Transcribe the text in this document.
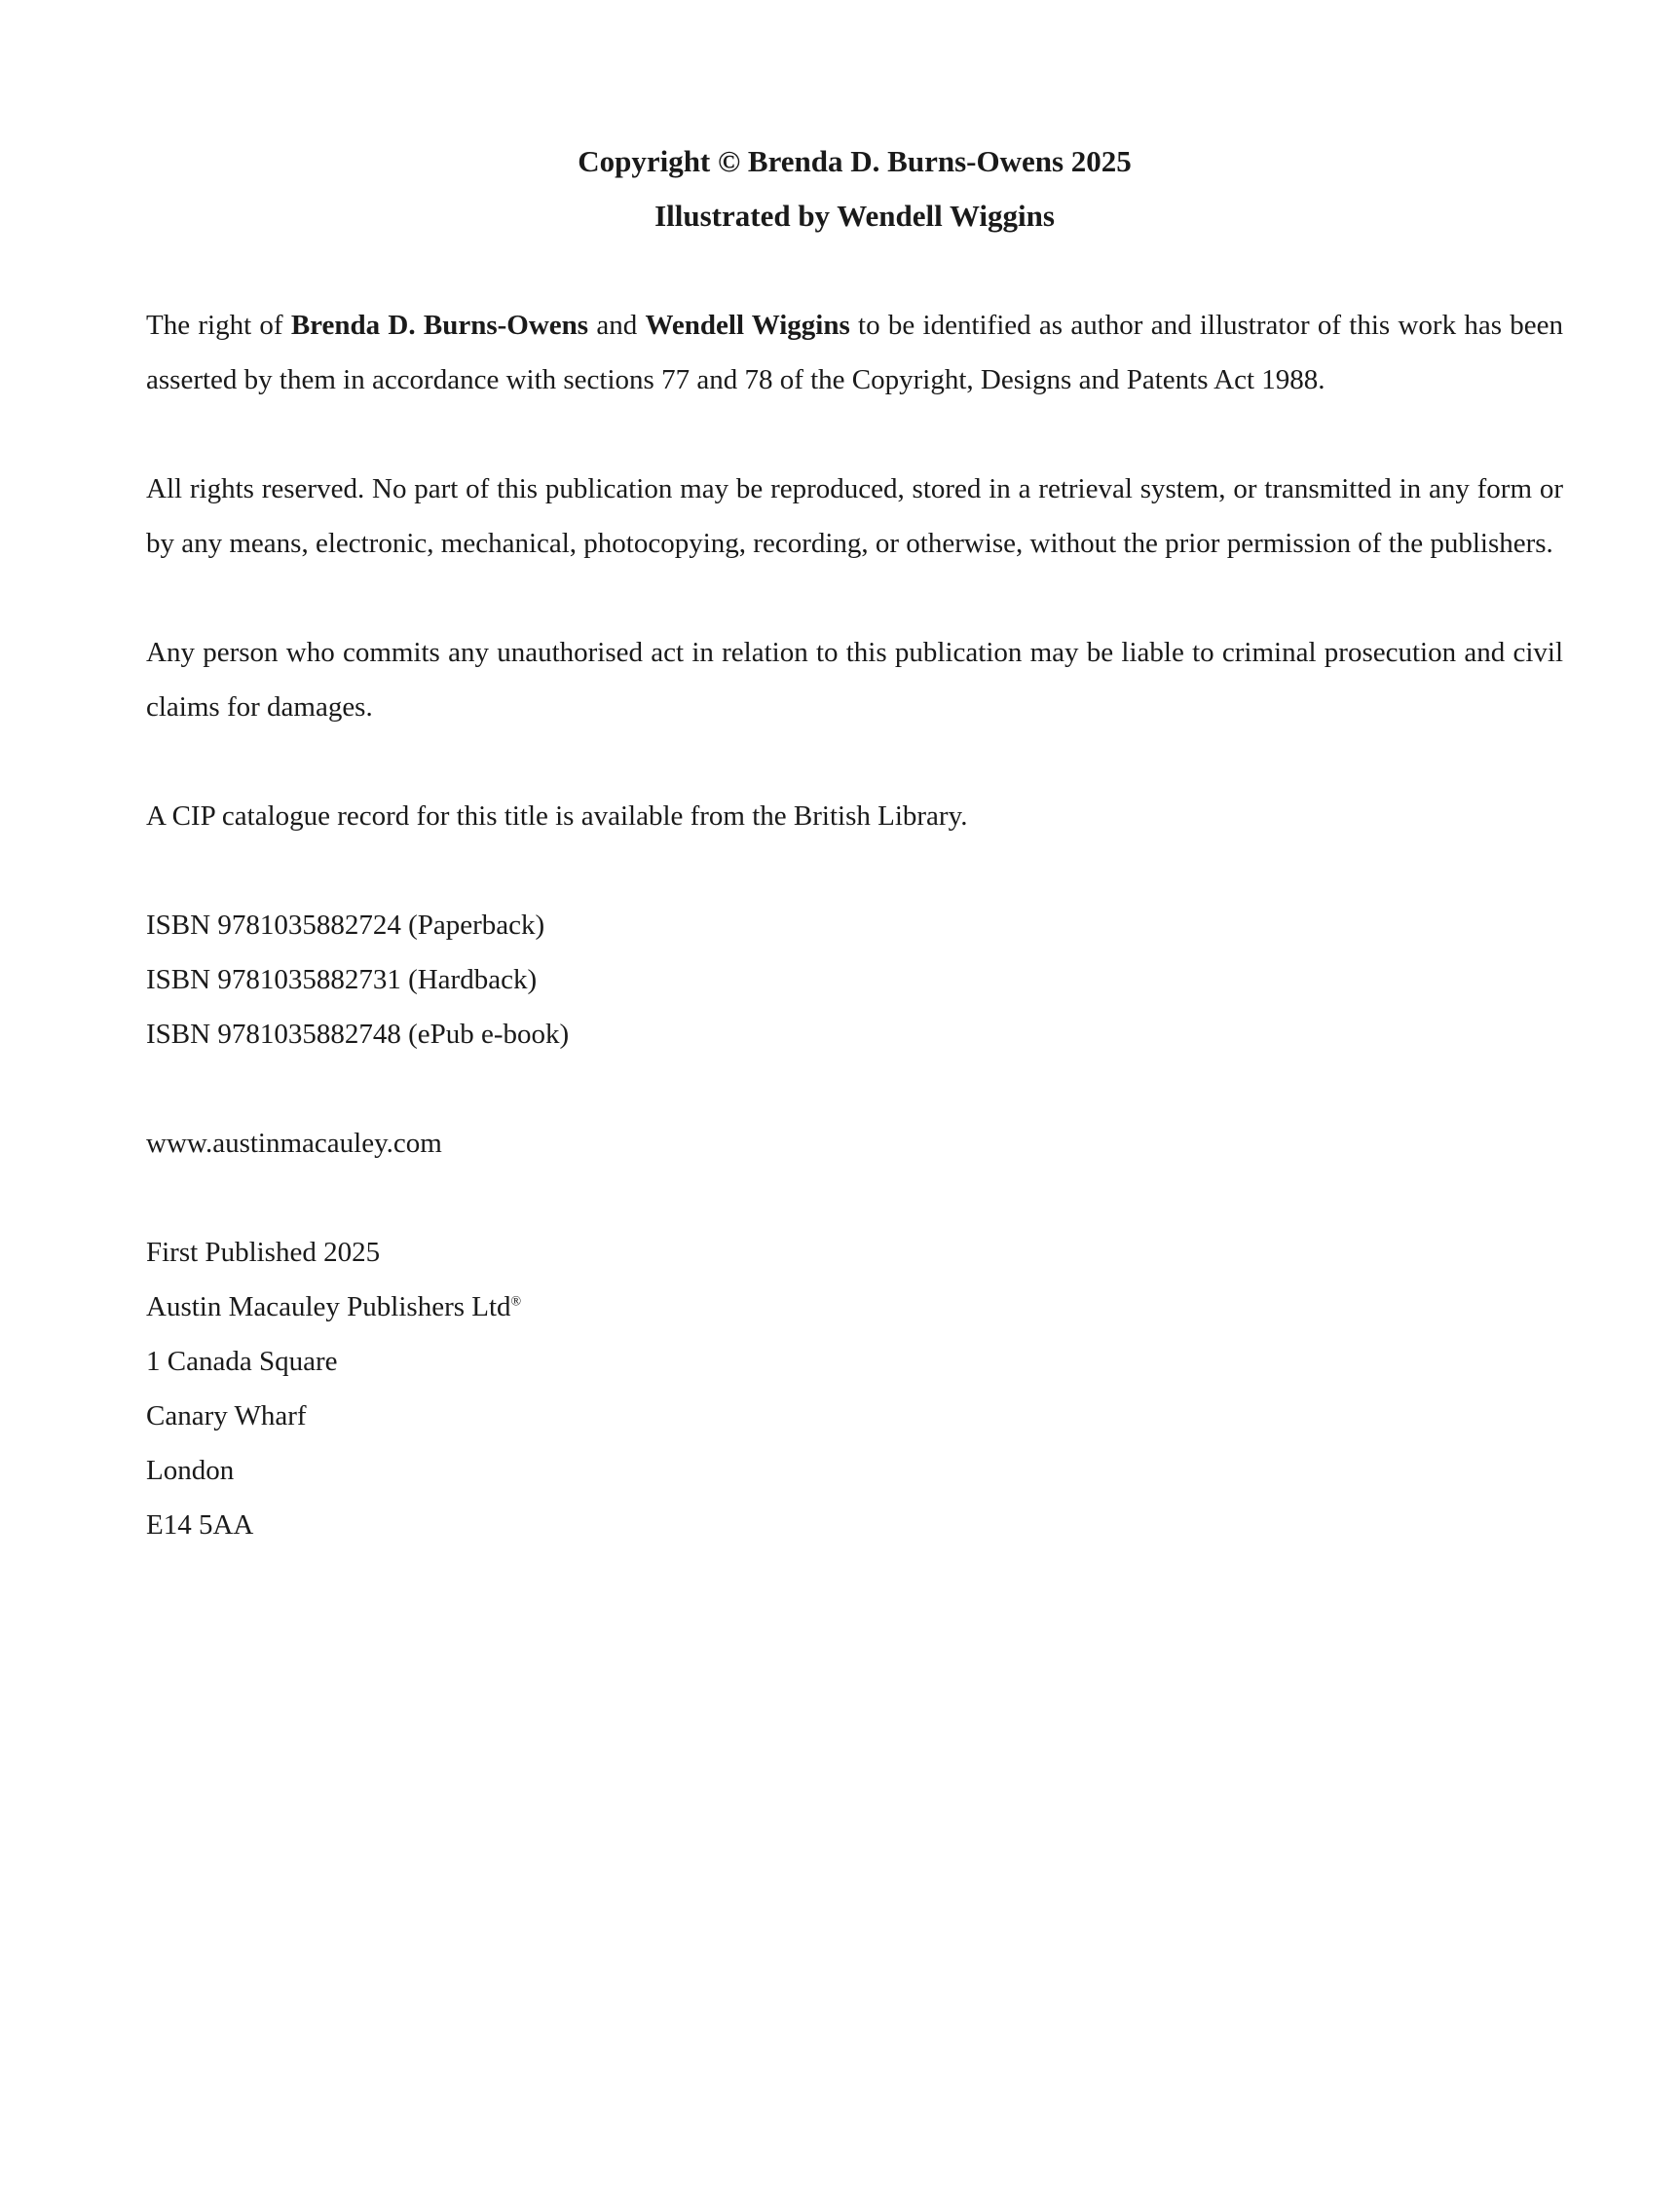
Copyright © Brenda D. Burns-Owens 2025

Illustrated by Wendell Wiggins

The right of Brenda D. Burns-Owens and Wendell Wiggins to be identified as author and illustrator of this work has been asserted by them in accordance with sections 77 and 78 of the Copyright, Designs and Patents Act 1988.

All rights reserved. No part of this publication may be reproduced, stored in a retrieval system, or transmitted in any form or by any means, electronic, mechanical, photocopying, recording, or otherwise, without the prior permission of the publishers.

Any person who commits any unauthorised act in relation to this publication may be liable to criminal prosecution and civil claims for damages.

A CIP catalogue record for this title is available from the British Library.

ISBN 9781035882724 (Paperback)

ISBN 9781035882731 (Hardback)

ISBN 9781035882748 (ePub e-book)

www.austinmacauley.com

First Published 2025

Austin Macauley Publishers Ltd®

1 Canada Square

Canary Wharf

London

E14 5AA
